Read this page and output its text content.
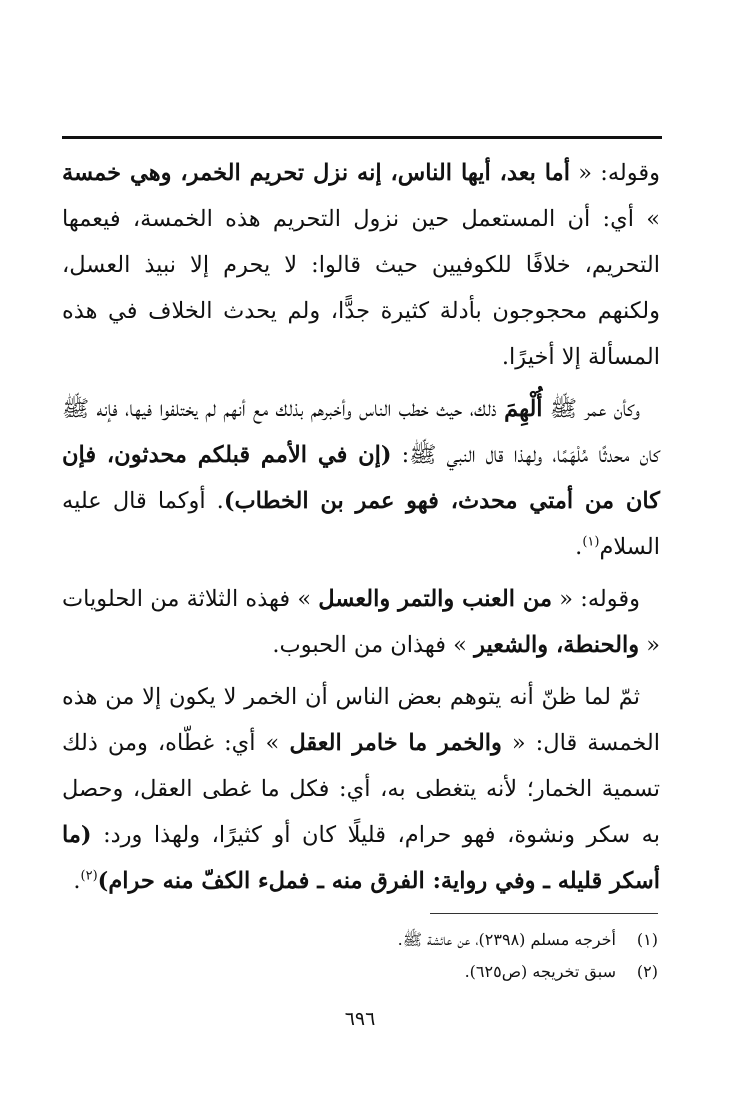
وقوله: « أما بعد، أيها الناس، إنه نزل تحريم الخمر، وهي خمسة » أي: أن المستعمل حين نزول التحريم هذه الخمسة، فيعمها التحريم، خلافًا للكوفيين حيث قالوا: لا يحرم إلا نبيذ العسل، ولكنهم محجوجون بأدلة كثيرة جدًّا، ولم يحدث الخلاف في هذه المسألة إلا أخيرًا.

وكأن عمر ﷺ أُلْهِمَ ذلك، حيث خطب الناس وأخبرهم بذلك مع أنهم لم يختلفوا فيها، فإنه ﷺ كان محدثًا مُلْهَمًا، ولهذا قال النبي ﷺ: (إن في الأمم قبلكم محدثون، فإن كان من أمتي محدث، فهو عمر بن الخطاب). أوكما قال عليه السلام$^{(١)}$.

وقوله: « من العنب والتمر والعسل » فهذه الثلاثة من الحلويات « والحنطة، والشعير » فهذان من الحبوب.

ثمّ لما ظنّ أنه يتوهم بعض الناس أن الخمر لا يكون إلا من هذه الخمسة قال: « والخمر ما خامر العقل » أي: غطّاه، ومن ذلك تسمية الخمار؛ لأنه يتغطى به، أي: فكل ما غطى العقل، وحصل به سكر ونشوة، فهو حرام، قليلًا كان أو كثيرًا، ولهذا ورد: (ما أسكر قليله ـ وفي رواية: الفرق منه ـ فملء الكفّ منه حرام)$^{(٢)}$.

(١)أخرجه مسلم (٢٣٩٨)، عن عائشة ﷺ.
(٢)سبق تخريجه (ص٦٢٥).
٦٩٦
